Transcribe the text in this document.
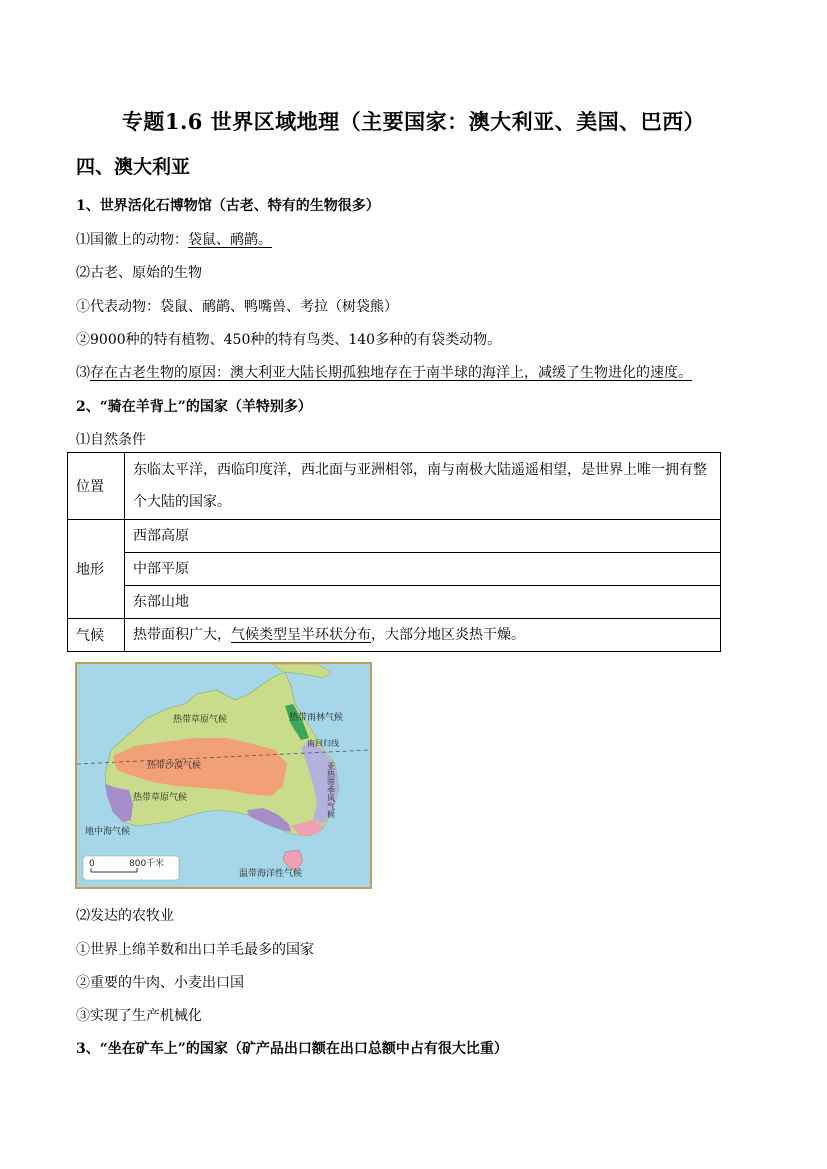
专题1.6 世界区域地理（主要国家：澳大利亚、美国、巴西）
四、澳大利亚
1、世界活化石博物馆（古老、特有的生物很多）
⑴国徽上的动物：袋鼠、鸸鹋。
⑵古老、原始的生物
①代表动物：袋鼠、鸸鹋、鸭嘴兽、考拉（树袋熊）
②9000种的特有植物、450种的特有鸟类、140多种的有袋类动物。
⑶存在古老生物的原因：澳大利亚大陆长期孤独地存在于南半球的海洋上，减缓了生物进化的速度。
2、“骑在羊背上”的国家（羊特别多）
⑴自然条件
位置	东临太平洋，西临印度洋，西北面与亚洲相邻，南与南极大陆遥遥相望，是世界上唯一拥有整个大陆的国家。
地形	西部高原
	中部平原
	东部山地
气候	热带面积广大，气候类型呈半环状分布，大部分地区炎热干燥。
热带草原气候	热带雨林气候
热带沙漠气候
热带草原气候
南回归线
亚热带季风气候
地中海气候
温带海洋性气候
0	800千米
⑵发达的农牧业
①世界上绵羊数和出口羊毛最多的国家
②重要的牛肉、小麦出口国
③实现了生产机械化
3、“坐在矿车上”的国家（矿产品出口额在出口总额中占有很大比重）
